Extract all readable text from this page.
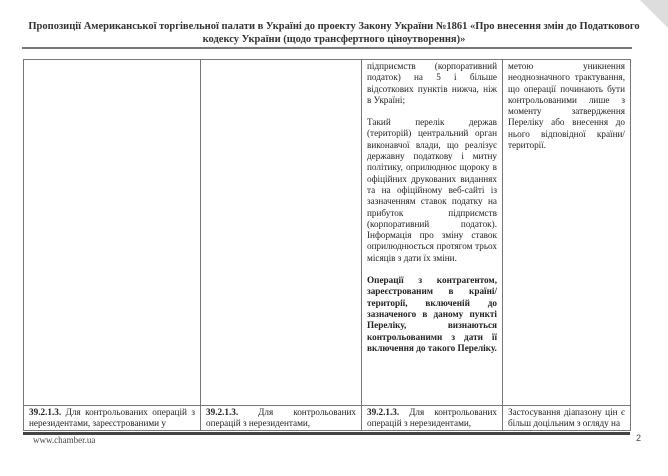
Пропозиції Американської торгівельної палати в Україні до проекту Закону України №1861 «Про внесення змін до Податкового кодексу України (щодо трансфертного ціноутворення)»

		підприємств (корпоративний податок) на 5 і більше відсоткових пунктів нижча, ніж в Україні;

Такий перелік держав (територій) центральний орган виконавчої влади, що реалізує державну податкову і митну політику, оприлюднює щороку в офіційних друкованих виданнях та на офіційному веб-сайті із зазначенням ставок податку на прибуток підприємств (корпоративний податок). Інформація про зміну ставок оприлюднюється протягом трьох місяців з дати їх зміни.

Операції з контрагентом, зареєстрованим в країні/території, включеній до зазначеного в даному пункті Переліку, визнаються контрольованими з дати її включення до такого Переліку.	метою уникнення неоднозначного трактування, що операції починають бути контрольованими лише з моменту затвердження Переліку або внесення до нього відповідної країни/території.
39.2.1.3. Для контрольованих операцій з нерезидентами, зареєстрованими у	39.2.1.3. Для контрольованих операцій з нерезидентами,	39.2.1.3. Для контрольованих операцій з нерезидентами,	Застосування діапазону цін є більш доцільним з огляду на
www.chamber.ua	2
